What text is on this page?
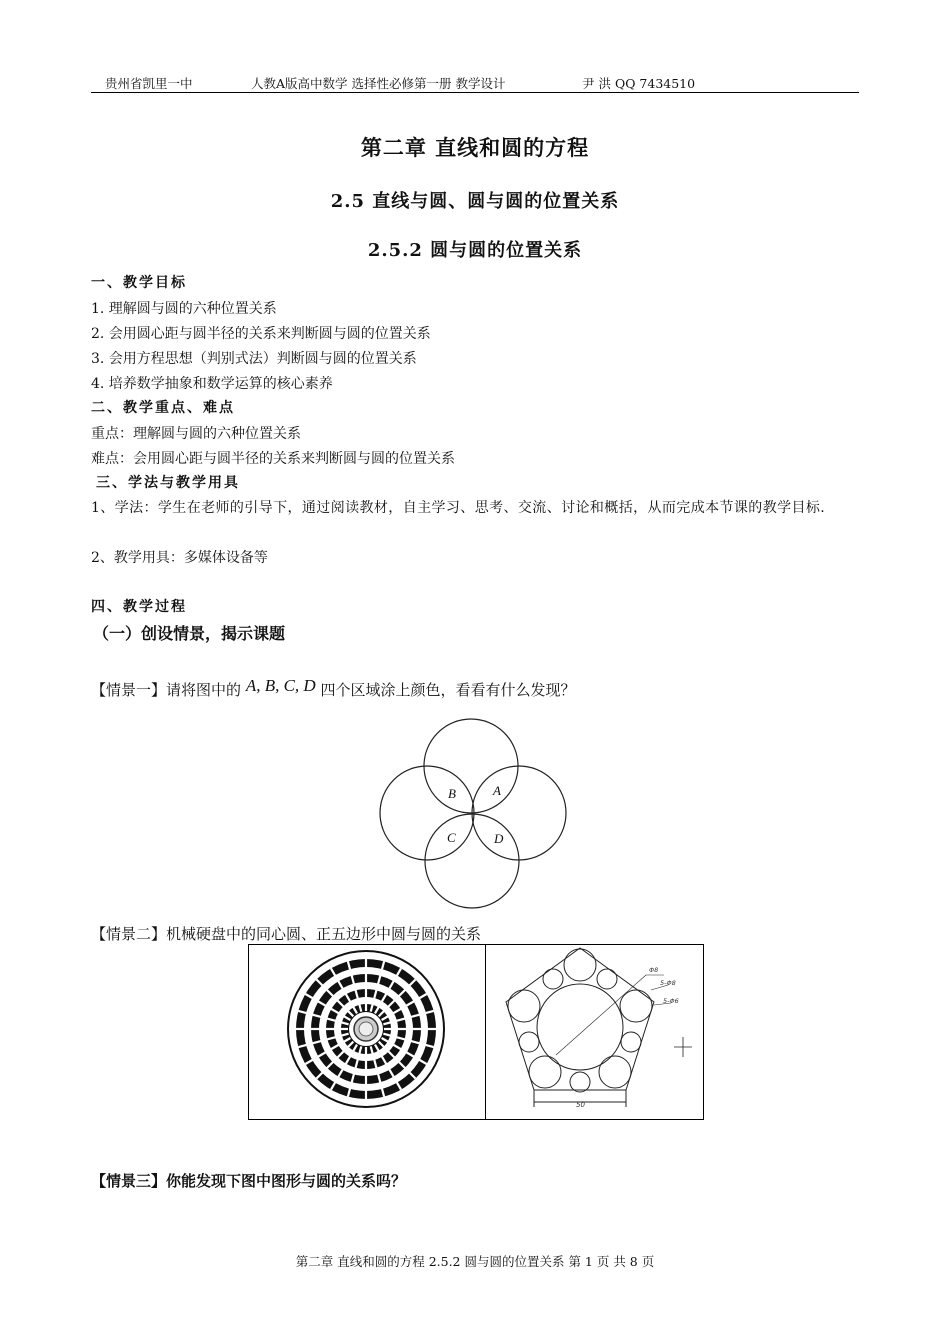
贵州省凯里一中	人教A版高中数学 选择性必修第一册 教学设计	尹 洪 QQ 7434510
第二章 直线和圆的方程
2.5 直线与圆、圆与圆的位置关系
2.5.2 圆与圆的位置关系
一、教学目标
1. 理解圆与圆的六种位置关系
2. 会用圆心距与圆半径的关系来判断圆与圆的位置关系
3. 会用方程思想（判别式法）判断圆与圆的位置关系
4. 培养数学抽象和数学运算的核心素养
二、教学重点、难点
重点：理解圆与圆的六种位置关系
难点：会用圆心距与圆半径的关系来判断圆与圆的位置关系
三、学法与教学用具
1、学法：学生在老师的引导下，通过阅读教材，自主学习、思考、交流、讨论和概括，从而完成本节课的教学目标.
2、教学用具：多媒体设备等
四、教学过程
（一）创设情景，揭示课题
【情景一】请将图中的 A, B, C, D 四个区域涂上颜色，看看有什么发现？
B	A
C	D
【情景二】机械硬盘中的同心圆、正五边形中圆与圆的关系
Φ8
5-Φ8
5-Φ6
50
【情景三】你能发现下图中图形与圆的关系吗？
第二章 直线和圆的方程 2.5.2 圆与圆的位置关系 第 1 页 共 8 页
